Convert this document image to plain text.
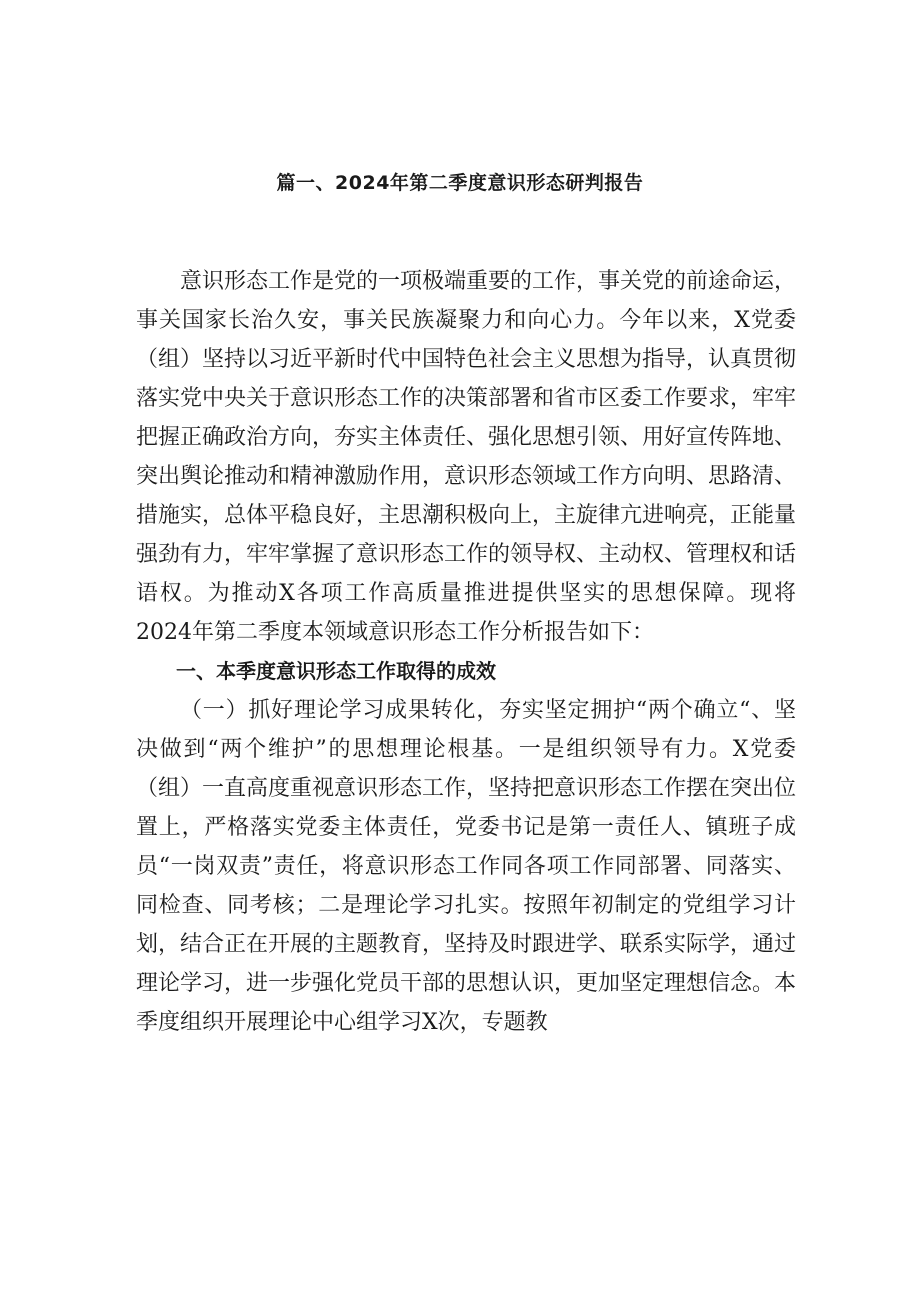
篇一、2024年第二季度意识形态研判报告

意识形态工作是党的一项极端重要的工作，事关党的前途命运，事关国家长治久安，事关民族凝聚力和向心力。今年以来，X党委（组）坚持以习近平新时代中国特色社会主义思想为指导，认真贯彻落实党中央关于意识形态工作的决策部署和省市区委工作要求，牢牢把握正确政治方向，夯实主体责任、强化思想引领、用好宣传阵地、突出舆论推动和精神激励作用，意识形态领域工作方向明、思路清、措施实，总体平稳良好，主思潮积极向上，主旋律亢进响亮，正能量强劲有力，牢牢掌握了意识形态工作的领导权、主动权、管理权和话语权。为推动X各项工作高质量推进提供坚实的思想保障。现将2024年第二季度本领域意识形态工作分析报告如下：

一、本季度意识形态工作取得的成效

（一）抓好理论学习成果转化，夯实坚定拥护“两个确立“、坚决做到“两个维护”的思想理论根基。一是组织领导有力。X党委（组）一直高度重视意识形态工作，坚持把意识形态工作摆在突出位置上，严格落实党委主体责任，党委书记是第一责任人、镇班子成员“一岗双责”责任，将意识形态工作同各项工作同部署、同落实、同检查、同考核；二是理论学习扎实。按照年初制定的党组学习计划，结合正在开展的主题教育，坚持及时跟进学、联系实际学，通过理论学习，进一步强化党员干部的思想认识，更加坚定理想信念。本季度组织开展理论中心组学习X次，专题教
